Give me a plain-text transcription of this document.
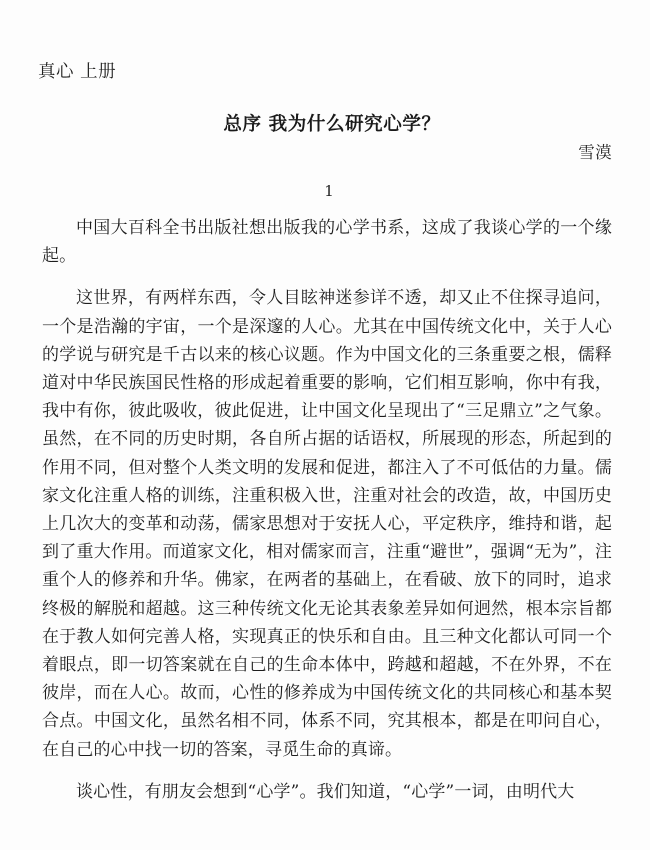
真心 上册
总序 我为什么研究心学？
雪漠
1

中国大百科全书出版社想出版我的心学书系，这成了我谈心学的一个缘起。

这世界，有两样东西，令人目眩神迷参详不透，却又止不住探寻追问，一个是浩瀚的宇宙，一个是深邃的人心。尤其在中国传统文化中，关于人心的学说与研究是千古以来的核心议题。作为中国文化的三条重要之根，儒释道对中华民族国民性格的形成起着重要的影响，它们相互影响，你中有我，我中有你，彼此吸收，彼此促进，让中国文化呈现出了“三足鼎立”之气象。虽然，在不同的历史时期，各自所占据的话语权，所展现的形态，所起到的作用不同，但对整个人类文明的发展和促进，都注入了不可低估的力量。儒家文化注重人格的训练，注重积极入世，注重对社会的改造，故，中国历史上几次大的变革和动荡，儒家思想对于安抚人心，平定秩序，维持和谐，起到了重大作用。而道家文化，相对儒家而言，注重“避世”，强调“无为”，注重个人的修养和升华。佛家，在两者的基础上，在看破、放下的同时，追求终极的解脱和超越。这三种传统文化无论其表象差异如何迥然，根本宗旨都在于教人如何完善人格，实现真正的快乐和自由。且三种文化都认可同一个着眼点，即一切答案就在自己的生命本体中，跨越和超越，不在外界，不在彼岸，而在人心。故而，心性的修养成为中国传统文化的共同核心和基本契合点。中国文化，虽然名相不同，体系不同，究其根本，都是在叩问自心，在自己的心中找一切的答案，寻觅生命的真谛。

谈心性，有朋友会想到“心学”。我们知道，“心学”一词，由明代大
